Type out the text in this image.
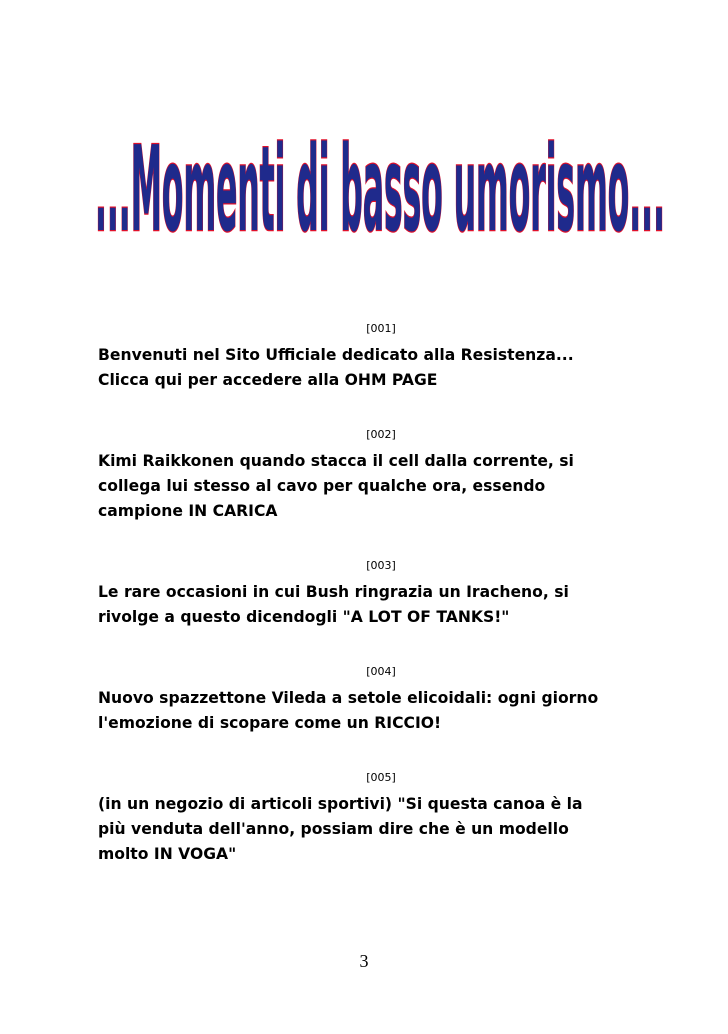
...Momenti di basso umorismo...
[001]
Benvenuti nel Sito Ufficiale dedicato alla Resistenza...
Clicca qui per accedere alla OHM PAGE
[002]
Kimi Raikkonen quando stacca il cell dalla corrente, si
collega lui stesso al cavo per qualche ora, essendo
campione IN CARICA
[003]
Le rare occasioni in cui Bush ringrazia un Iracheno, si
rivolge a questo dicendogli "A LOT OF TANKS!"
[004]
Nuovo spazzettone Vileda a setole elicoidali: ogni giorno
l'emozione di scopare come un RICCIO!
[005]
(in un negozio di articoli sportivi) "Si questa canoa è la
più venduta dell'anno, possiam dire che è un modello
molto IN VOGA"
3
